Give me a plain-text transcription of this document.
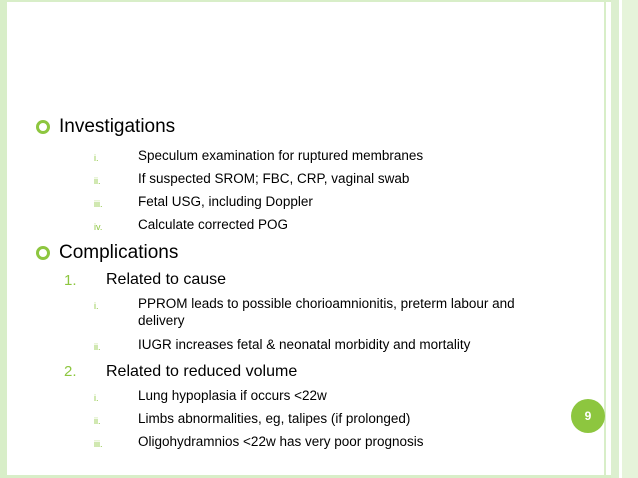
Investigations
i.	Speculum examination for ruptured membranes
ii.	If suspected SROM; FBC, CRP, vaginal swab
iii.	Fetal USG, including Doppler
iv.	Calculate corrected POG
Complications
1.	Related to cause
i.	PPROM leads to possible chorioamnionitis, preterm labour and delivery
ii.	IUGR increases fetal & neonatal morbidity and mortality
2.	Related to reduced volume
i.	Lung hypoplasia if occurs <22w
ii.	Limbs abnormalities, eg, talipes (if prolonged)
iii.	Oligohydramnios <22w has very poor prognosis
9
